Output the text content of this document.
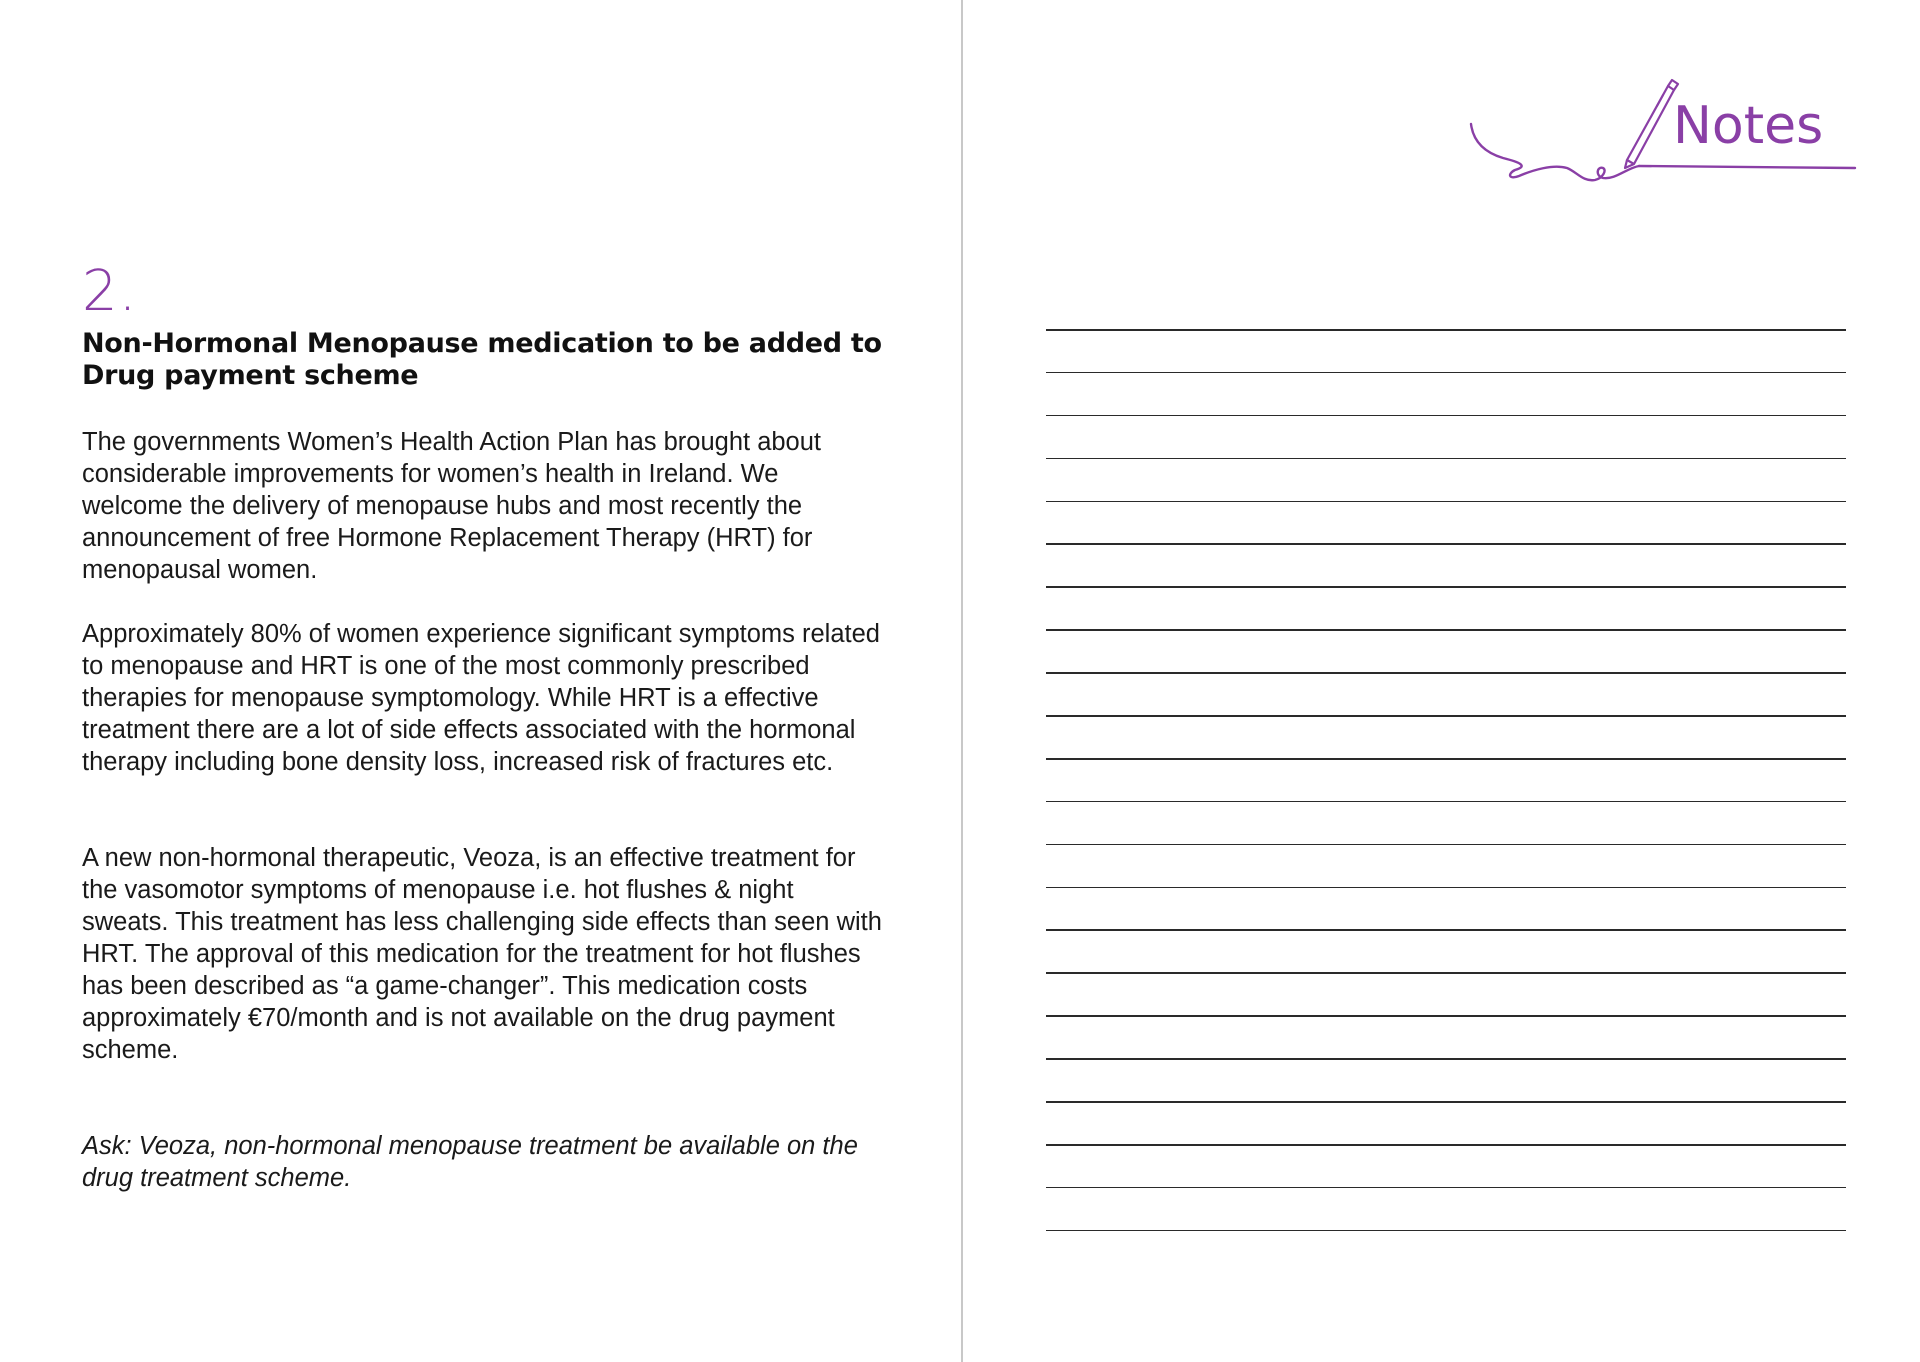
2.
Non-Hormonal Menopause medication to be added to Drug payment scheme

The governments Women’s Health Action Plan has brought about considerable improvements for women’s health in Ireland. We welcome the delivery of menopause hubs and most recently the announcement of free Hormone Replacement Therapy (HRT) for menopausal women.

Approximately 80% of women experience significant symptoms related to menopause and HRT is one of the most commonly prescribed therapies for menopause symptomology. While HRT is a effective treatment there are a lot of side effects associated with the hormonal therapy including bone density loss, increased risk of fractures etc.

A new non-hormonal therapeutic, Veoza, is an effective treatment for the vasomotor symptoms of menopause i.e. hot flushes & night sweats. This treatment has less challenging side effects than seen with HRT. The approval of this medication for the treatment for hot flushes has been described as “a game-changer”. This medication costs approximately €70/month and is not available on the drug payment scheme.

Ask: Veoza, non-hormonal menopause treatment be available on the drug treatment scheme.

Notes
